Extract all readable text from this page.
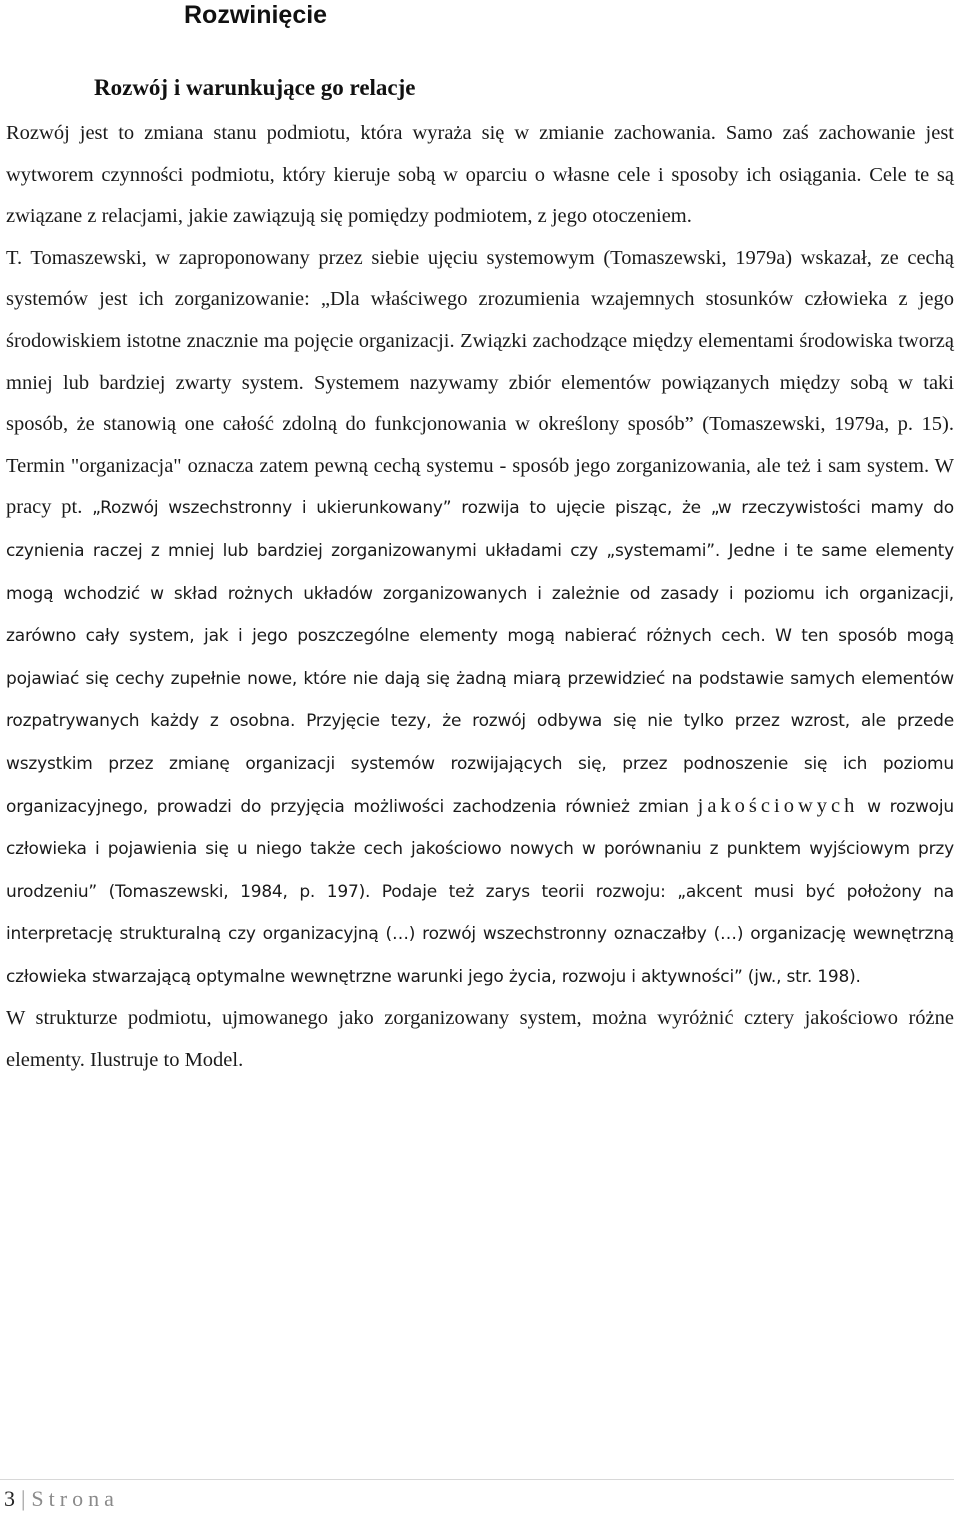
Rozwinięcie
Rozwój i warunkujące go relacje

Rozwój jest to zmiana stanu podmiotu, która wyraża się w zmianie zachowania. Samo zaś zachowanie jest wytworem czynności podmiotu, który kieruje sobą w oparciu o własne cele i sposoby ich osiągania. Cele te są związane z relacjami, jakie zawiązują się pomiędzy podmiotem, z jego otoczeniem.

T. Tomaszewski, w zaproponowany przez siebie ujęciu systemowym (Tomaszewski, 1979a) wskazał, ze cechą systemów jest ich zorganizowanie: „Dla właściwego zrozumienia wzajemnych stosunków człowieka z jego środowiskiem istotne znacznie ma pojęcie organizacji. Związki zachodzące między elementami środowiska tworzą mniej lub bardziej zwarty system. Systemem nazywamy zbiór elementów powiązanych między sobą w taki sposób, że stanowią one całość zdolną do funkcjonowania w określony sposób” (Tomaszewski, 1979a, p. 15). Termin "organizacja" oznacza zatem pewną cechą systemu - sposób jego zorganizowania, ale też i sam system. W pracy pt. „Rozwój wszechstronny i ukierunkowany” rozwija to ujęcie pisząc, że „w rzeczywistości mamy do czynienia raczej z mniej lub bardziej zorganizowanymi układami czy „systemami”. Jedne i te same elementy mogą wchodzić w skład rożnych układów zorganizowanych i zależnie od zasady i poziomu ich organizacji, zarówno cały system, jak i jego poszczególne elementy mogą nabierać różnych cech. W ten sposób mogą pojawiać się cechy zupełnie nowe, które nie dają się żadną miarą przewidzieć na podstawie samych elementów rozpatrywanych każdy z osobna. Przyjęcie tezy, że rozwój odbywa się nie tylko przez wzrost, ale przede wszystkim przez zmianę organizacji systemów rozwijających się, przez podnoszenie się ich poziomu organizacyjnego, prowadzi do przyjęcia możliwości zachodzenia również zmian jakościowych w rozwoju człowieka i pojawienia się u niego także cech jakościowo nowych w porównaniu z punktem wyjściowym przy urodzeniu” (Tomaszewski, 1984, p. 197). Podaje też zarys teorii rozwoju: „akcent musi być położony na interpretację strukturalną czy organizacyjną (…) rozwój wszechstronny oznaczałby (…) organizację wewnętrzną człowieka stwarzającą optymalne wewnętrzne warunki jego życia, rozwoju i aktywności” (jw., str. 198).

W strukturze podmiotu, ujmowanego jako zorganizowany system, można wyróżnić cztery jakościowo różne elementy. Ilustruje to Model.

3 | Strona
